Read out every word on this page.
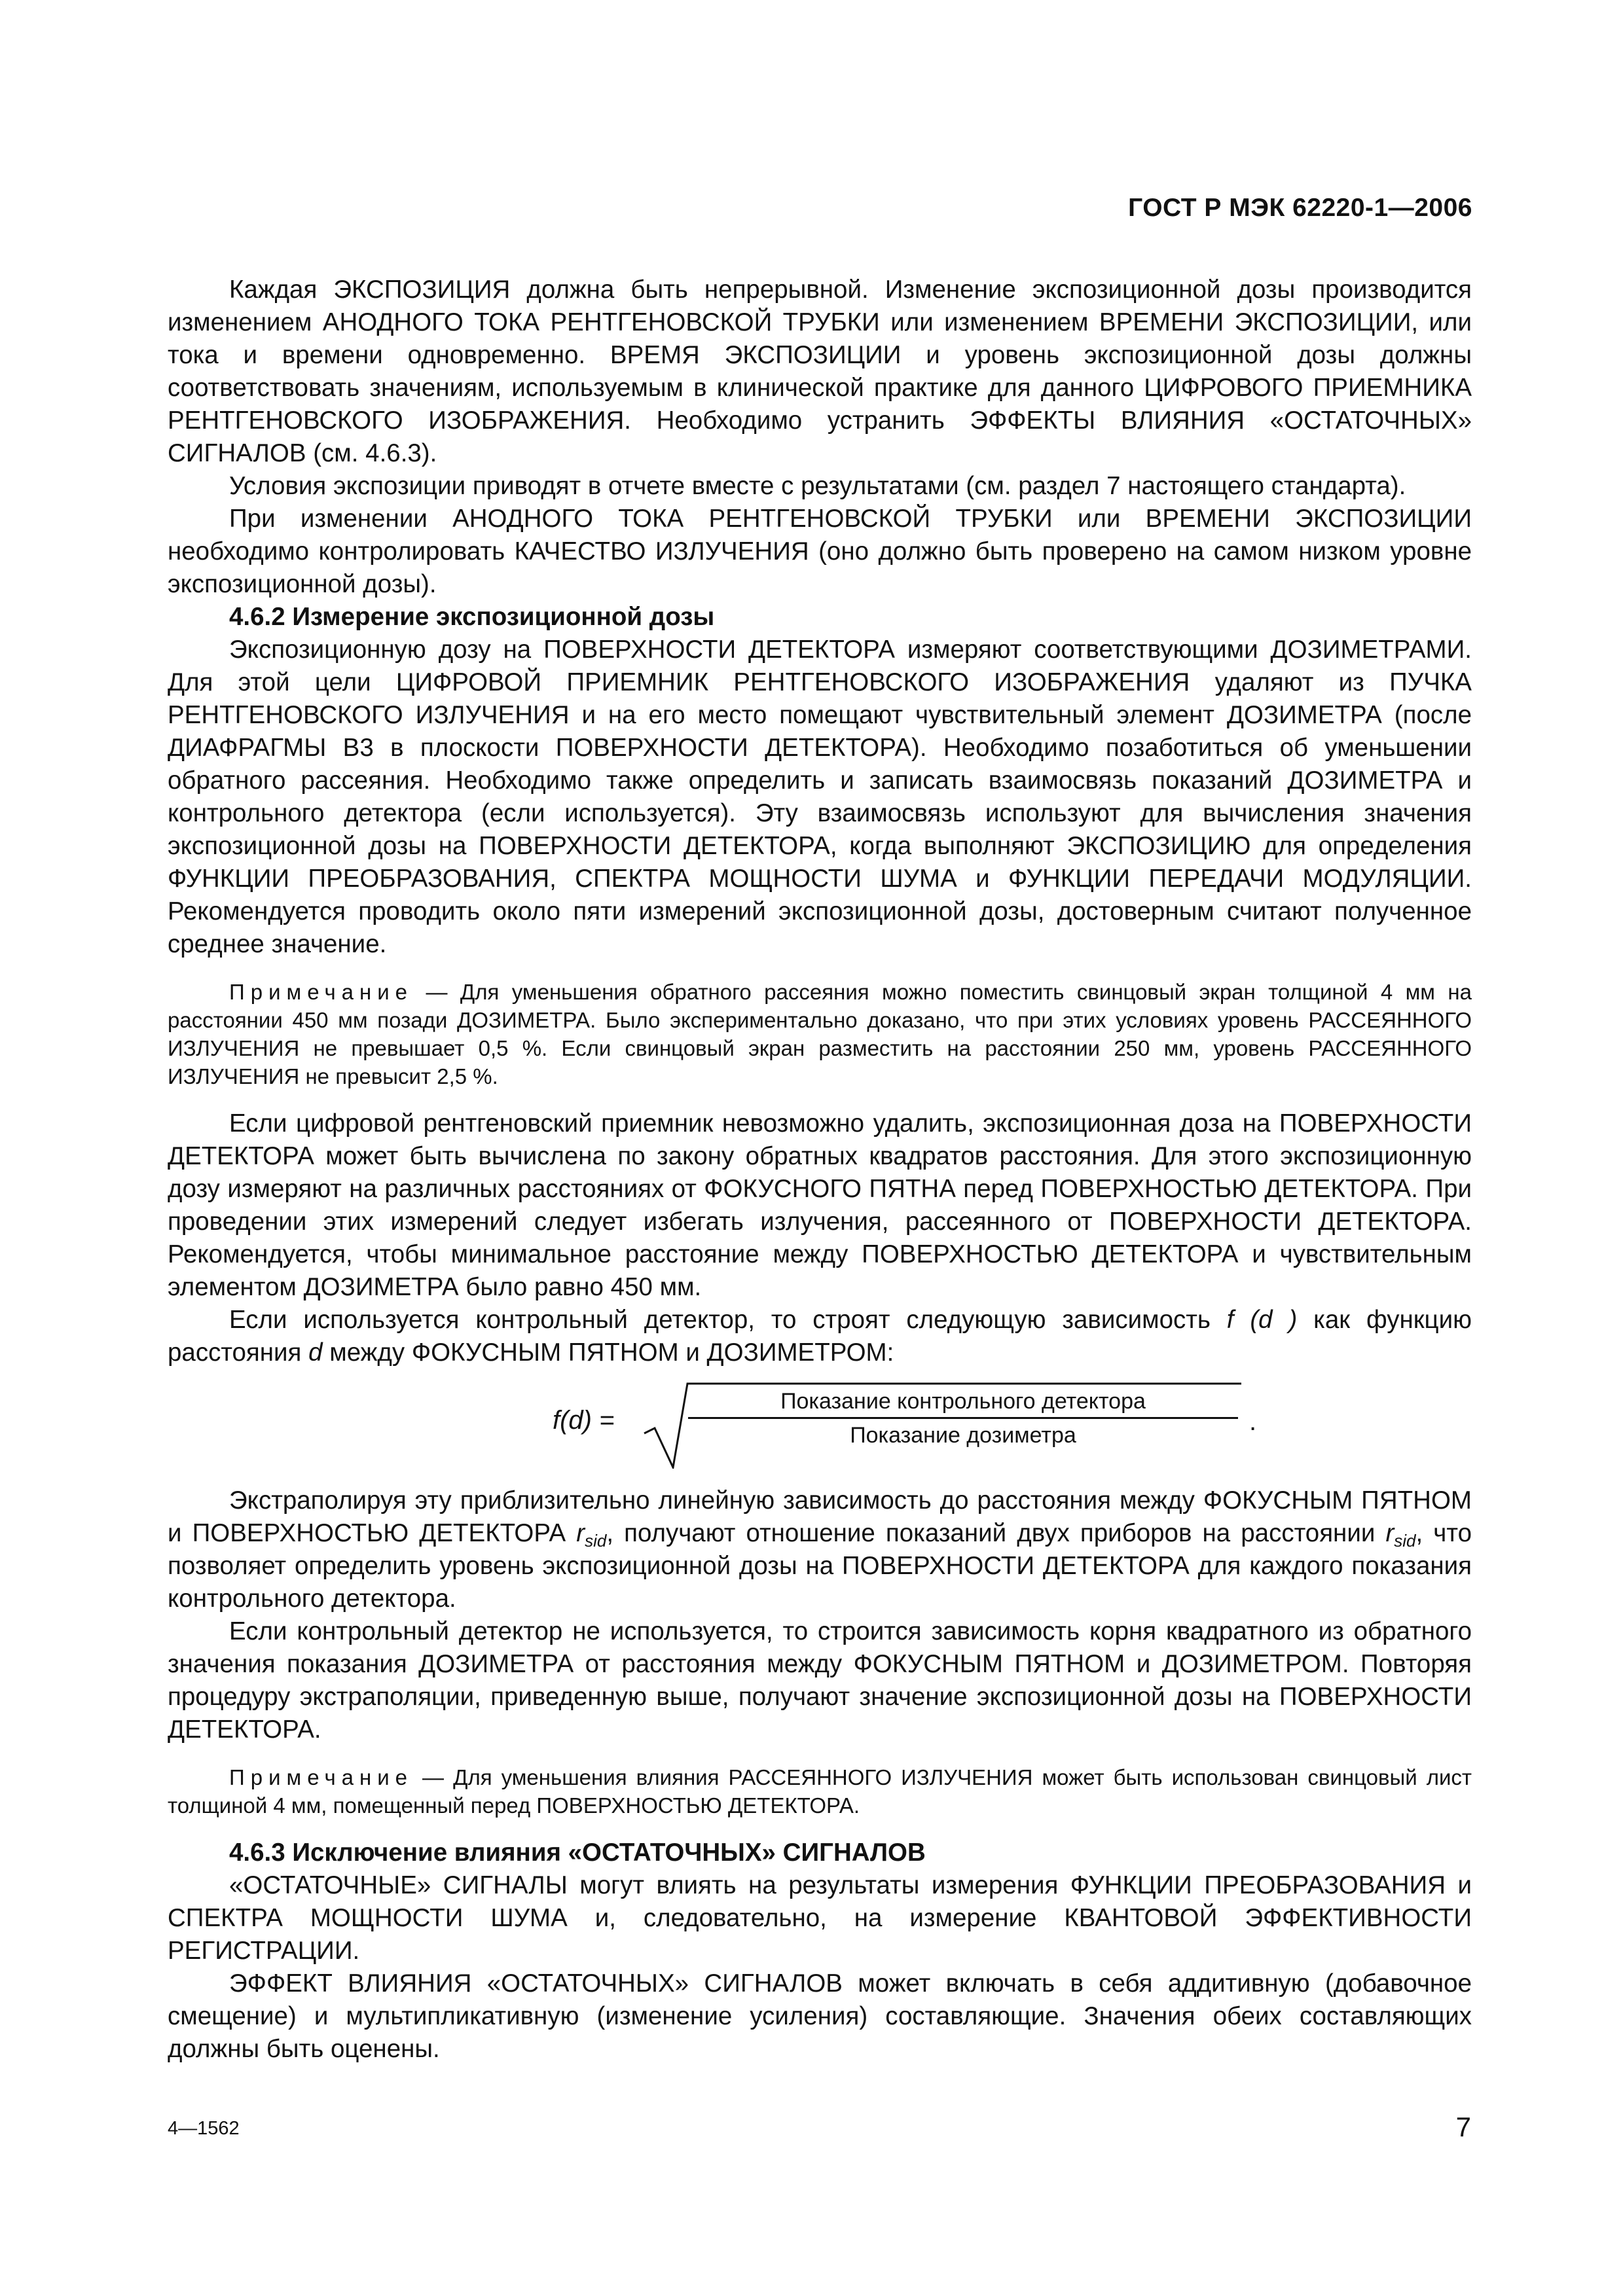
ГОСТ Р МЭК 62220-1—2006

Каждая ЭКСПОЗИЦИЯ должна быть непрерывной. Изменение экспозиционной дозы производится изменением АНОДНОГО ТОКА РЕНТГЕНОВСКОЙ ТРУБКИ или изменением ВРЕМЕНИ ЭКСПОЗИЦИИ, или тока и времени одновременно. ВРЕМЯ ЭКСПОЗИЦИИ и уровень экспозиционной дозы должны соответствовать значениям, используемым в клинической практике для данного ЦИФРОВОГО ПРИЕМНИКА РЕНТГЕНОВСКОГО ИЗОБРАЖЕНИЯ. Необходимо устранить ЭФФЕКТЫ ВЛИЯНИЯ «ОСТАТОЧНЫХ» СИГНАЛОВ (см. 4.6.3).

Условия экспозиции приводят в отчете вместе с результатами (см. раздел 7 настоящего стандарта).

При изменении АНОДНОГО ТОКА РЕНТГЕНОВСКОЙ ТРУБКИ или ВРЕМЕНИ ЭКСПОЗИЦИИ необходимо контролировать КАЧЕСТВО ИЗЛУЧЕНИЯ (оно должно быть проверено на самом низком уровне экспозиционной дозы).

4.6.2 Измерение экспозиционной дозы

Экспозиционную дозу на ПОВЕРХНОСТИ ДЕТЕКТОРА измеряют соответствующими ДОЗИМЕТРАМИ. Для этой цели ЦИФРОВОЙ ПРИЕМНИК РЕНТГЕНОВСКОГО ИЗОБРАЖЕНИЯ удаляют из ПУЧКА РЕНТГЕНОВСКОГО ИЗЛУЧЕНИЯ и на его место помещают чувствительный элемент ДОЗИМЕТРА (после ДИАФРАГМЫ B3 в плоскости ПОВЕРХНОСТИ ДЕТЕКТОРА). Необходимо позаботиться об уменьшении обратного рассеяния. Необходимо также определить и записать взаимосвязь показаний ДОЗИМЕТРА и контрольного детектора (если используется). Эту взаимосвязь используют для вычисления значения экспозиционной дозы на ПОВЕРХНОСТИ ДЕТЕКТОРА, когда выполняют ЭКСПОЗИЦИЮ для определения ФУНКЦИИ ПРЕОБРАЗОВАНИЯ, СПЕКТРА МОЩНОСТИ ШУМА и ФУНКЦИИ ПЕРЕДАЧИ МОДУЛЯЦИИ. Рекомендуется проводить около пяти измерений экспозиционной дозы, достоверным считают полученное среднее значение.

Примечание — Для уменьшения обратного рассеяния можно поместить свинцовый экран толщиной 4 мм на расстоянии 450 мм позади ДОЗИМЕТРА. Было экспериментально доказано, что при этих условиях уровень РАССЕЯННОГО ИЗЛУЧЕНИЯ не превышает 0,5 %. Если свинцовый экран разместить на расстоянии 250 мм, уровень РАССЕЯННОГО ИЗЛУЧЕНИЯ не превысит 2,5 %.

Если цифровой рентгеновский приемник невозможно удалить, экспозиционная доза на ПОВЕРХНОСТИ ДЕТЕКТОРА может быть вычислена по закону обратных квадратов расстояния. Для этого экспозиционную дозу измеряют на различных расстояниях от ФОКУСНОГО ПЯТНА перед ПОВЕРХНОСТЬЮ ДЕТЕКТОРА. При проведении этих измерений следует избегать излучения, рассеянного от ПОВЕРХНОСТИ ДЕТЕКТОРА. Рекомендуется, чтобы минимальное расстояние между ПОВЕРХНОСТЬЮ ДЕТЕКТОРА и чувствительным элементом ДОЗИМЕТРА было равно 450 мм.

Если используется контрольный детектор, то строят следующую зависимость f (d ) как функцию расстояния d между ФОКУСНЫМ ПЯТНОМ и ДОЗИМЕТРОМ:

f(d) =
Показание контрольного детектора
Показание дозиметра	.

Экстраполируя эту приблизительно линейную зависимость до расстояния между ФОКУСНЫМ ПЯТНОМ и ПОВЕРХНОСТЬЮ ДЕТЕКТОРА $r_{sid}$, получают отношение показаний двух приборов на расстоянии $r_{sid}$, что позволяет определить уровень экспозиционной дозы на ПОВЕРХНОСТИ ДЕТЕКТОРА для каждого показания контрольного детектора.

Если контрольный детектор не используется, то строится зависимость корня квадратного из обратного значения показания ДОЗИМЕТРА от расстояния между ФОКУСНЫМ ПЯТНОМ и ДОЗИМЕТРОМ. Повторяя процедуру экстраполяции, приведенную выше, получают значение экспозиционной дозы на ПОВЕРХНОСТИ ДЕТЕКТОРА.

Примечание — Для уменьшения влияния РАССЕЯННОГО ИЗЛУЧЕНИЯ может быть использован свинцовый лист толщиной 4 мм, помещенный перед ПОВЕРХНОСТЬЮ ДЕТЕКТОРА.

4.6.3 Исключение влияния «ОСТАТОЧНЫХ» СИГНАЛОВ

«ОСТАТОЧНЫЕ» СИГНАЛЫ могут влиять на результаты измерения ФУНКЦИИ ПРЕОБРАЗОВАНИЯ и СПЕКТРА МОЩНОСТИ ШУМА и, следовательно, на измерение КВАНТОВОЙ ЭФФЕКТИВНОСТИ РЕГИСТРАЦИИ.

ЭФФЕКТ ВЛИЯНИЯ «ОСТАТОЧНЫХ» СИГНАЛОВ может включать в себя аддитивную (добавочное смещение) и мультипликативную (изменение усиления) составляющие. Значения обеих составляющих должны быть оценены.

4—1562	7
